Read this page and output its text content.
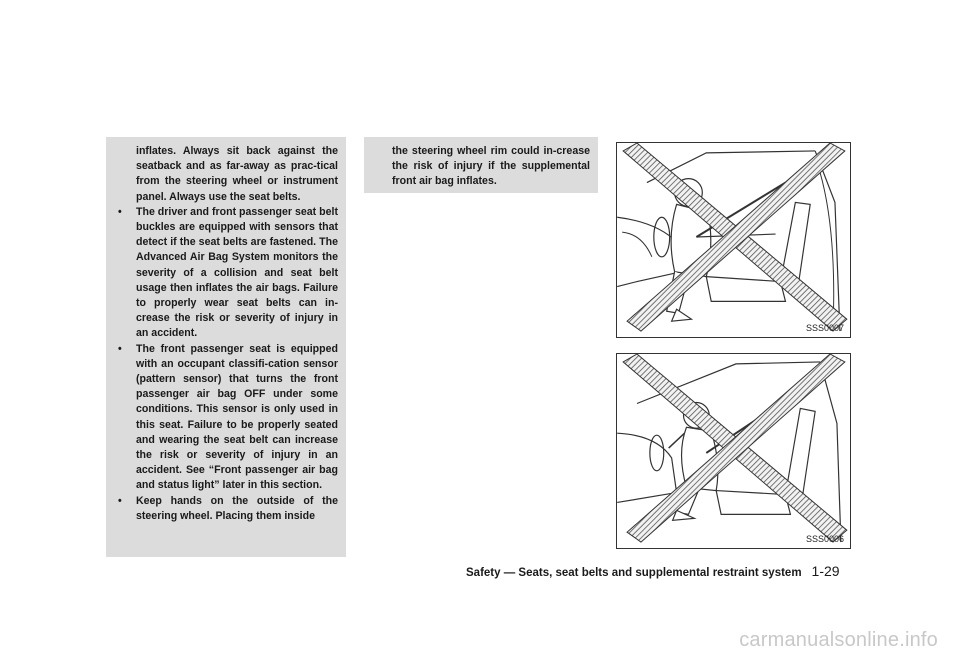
inflates. Always sit back against the seatback and as far-away as prac-tical from the steering wheel or instrument panel. Always use the seat belts.

•	The driver and front passenger seat belt buckles are equipped with sensors that detect if the seat belts are fastened. The Advanced Air Bag System monitors the severity of a collision and seat belt usage then inflates the air bags. Failure to properly wear seat belts can in-crease the risk or severity of injury in an accident.

•	The front passenger seat is equipped with an occupant classifi-cation sensor (pattern sensor) that turns the front passenger air bag OFF under some conditions. This sensor is only used in this seat. Failure to be properly seated and wearing the seat belt can increase the risk or severity of injury in an accident. See “Front passenger air bag and status light” later in this section.

•	Keep hands on the outside of the steering wheel. Placing them inside

the steering wheel rim could in-crease the risk of injury if the supplemental front air bag inflates.

SSS0007
SSS0006
Safety — Seats, seat belts and supplemental restraint system 1-29
carmanualsonline.info
